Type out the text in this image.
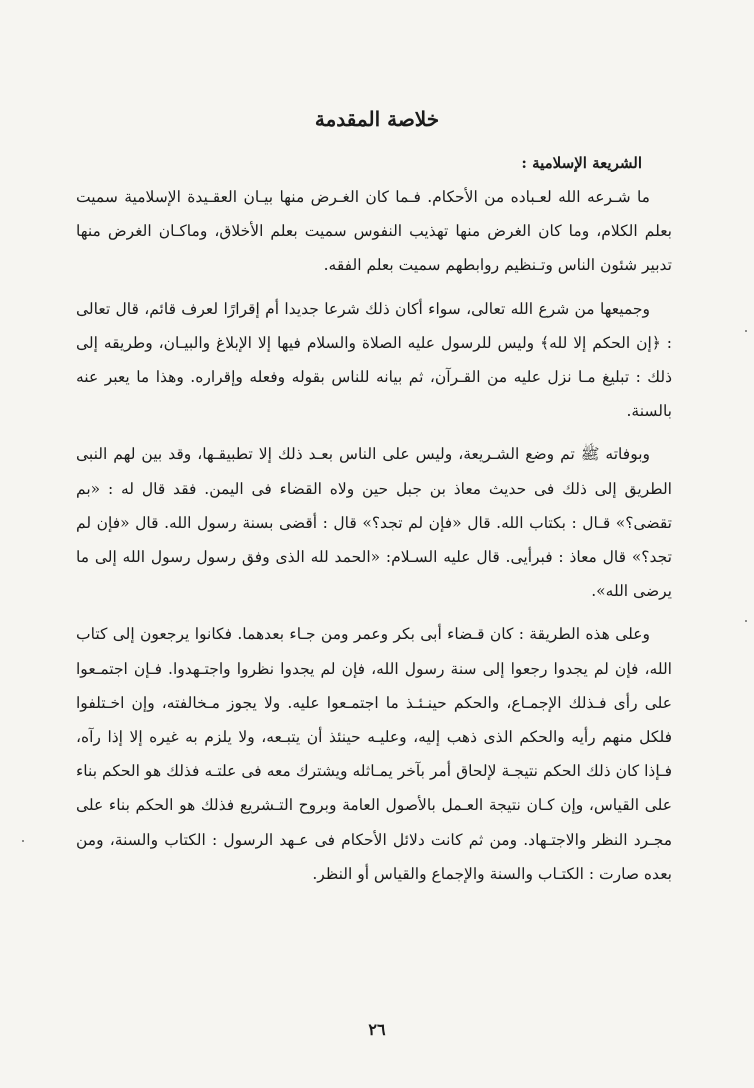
خلاصة المقدمة
الشريعة الإسلامية :

ما شـرعه الله لعـباده من الأحكام. فـما كان الغـرض منها بيـان العقـيدة الإسلامية سميت بعلم الكلام، وما كان الغرض منها تهذيب النفوس سميت بعلم الأخلاق، وماكـان الغرض منها تدبير شئون الناس وتـنظيم روابطهم سميت بعلم الفقه.

وجميعها من شرع الله تعالى، سواء أكان ذلك شرعا جديدا أم إقرارًا لعرف قائم، قال تعالى : ﴿إن الحكم إلا لله﴾ وليس للرسول عليه الصلاة والسلام فيها إلا الإبلاغ والبيـان، وطريقه إلى ذلك : تبليغ مـا نزل عليه من القـرآن، ثم بيانه للناس بقوله وفعله وإقراره. وهذا ما يعبر عنه بالسنة.

وبوفاته ﷺ تم وضع الشـريعة، وليس على الناس بعـد ذلك إلا تطبيقـها، وقد بين لهم النبى الطريق إلى ذلك فى حديث معاذ بن جبل حين ولاه القضاء فى اليمن. فقد قال له : «بم تقضى؟» قـال : بكتاب الله. قال «فإن لم تجد؟» قال : أقضى بسنة رسول الله. قال «فإن لم تجد؟» قال معاذ : فبرأيى. قال عليه السـلام: «الحمد لله الذى وفق رسول رسول الله إلى ما يرضى الله».

وعلى هذه الطريقة : كان قـضاء أبى بكر وعمر ومن جـاء بعدهما. فكانوا يرجعون إلى كتاب الله، فإن لم يجدوا رجعوا إلى سنة رسول الله، فإن لم يجدوا نظروا واجتـهدوا. فـإن اجتمـعوا على رأى فـذلك الإجمـاع، والحكم حينـئـذ ما اجتمـعوا عليه. ولا يجوز مـخالفته، وإن اخـتلفوا فلكل منهم رأيه والحكم الذى ذهب إليه، وعليـه حينئذ أن يتبـعه، ولا يلزم به غيره إلا إذا رآه، فـإذا كان ذلك الحكم نتيجـة لإلحاق أمر بآخر يمـاثله ويشترك معه فى علتـه فذلك هو الحكم بناء على القياس، وإن كـان نتيجة العـمل بالأصول العامة وبروح التـشريع فذلك هو الحكم بناء على مجـرد النظر والاجتـهاد. ومن ثم كانت دلائل الأحكام فى عـهد الرسول : الكتاب والسنة، ومن بعده صارت : الكتـاب والسنة والإجماع والقياس أو النظر.

٢٦
